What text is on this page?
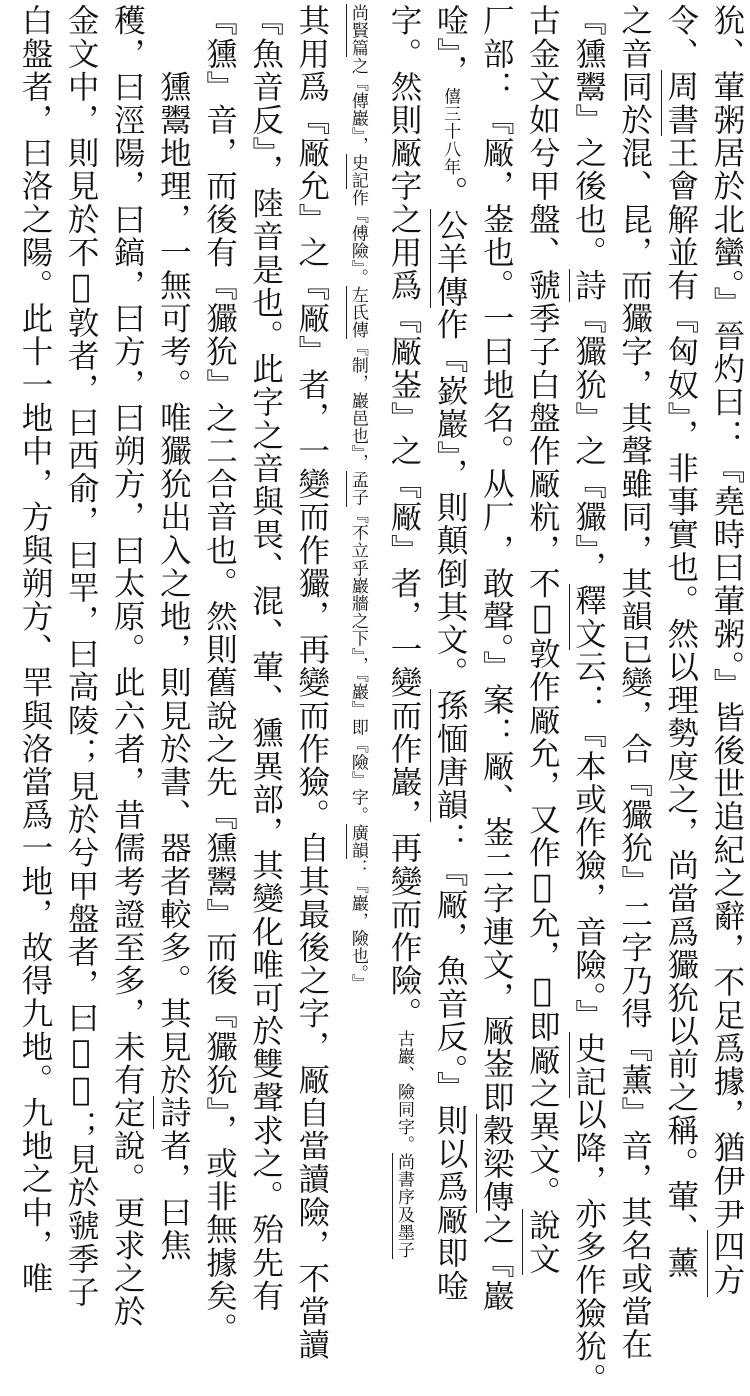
狁、葷粥居於北蠻。』晉灼曰：『堯時曰葷粥。』皆後世追紀之辭，不足爲據，猶伊尹四方
令、周書王會解並有『匈奴』，非事實也。然以理勢度之，尚當爲玁狁以前之稱。葷、薰
之音同於混、昆，而玁字，其聲雖同，其韻已變，合『玁狁』二字乃得『薰』音，其名或當在
『獯鬻』之後也。詩『玁狁』之『玁』，釋文云：『本或作獫，音險。』史記以降，亦多作獫狁。
古金文如兮甲盤、虢季子白盤作厰粇，不𡺃敦作厰允，又作𢧟允，𢧟即厰之異文。說文
厂部：『厰，崟也。一曰地名。从厂，敢聲。』案：厰、崟二字連文，厰崟即穀梁傳之『巖
唫』，僖三十八年。公羊傳作『嶔巖』，則顛倒其文。孫愐唐韻：『厰，魚音反。』則以爲厰即唫
字。然則厰字之用爲『厰崟』之『厰』者，一變而作巖，再變而作險。古巖、險同字。尚書序及墨子
尚賢篇之『傳巖』，史記作『傅險』。左氏傳『制，巖邑也』，孟子『不立乎巖牆之下』，『巖』即『險』字。廣韻：『巖，險也。』
其用爲『厰允』之『厰』者，一變而作玁，再變而作獫。自其最後之字，厰自當讀險，不當讀
『魚音反』，陸音是也。此字之音與畏、混、葷、獯異部，其變化唯可於雙聲求之。殆先有
『獯』音，而後有『玁狁』之二合音也。然則舊說之先『獯鬻』而後『玁狁』，或非無據矣。
　　獯鬻地理，一無可考。唯玁狁出入之地，則見於書、器者較多。其見於詩者，曰焦
穫，曰涇陽，曰鎬，曰方，曰朔方，曰太原。此六者，昔儒考證至多，未有定說。更求之於
金文中，則見於不𡺃敦者，曰西俞，曰䍐，曰高陵；見於兮甲盤者，曰𦉵𢊁；見於虢季子
白盤者，曰洛之陽。此十一地中，方與朔方、䍐與洛當爲一地，故得九地。九地之中，唯
